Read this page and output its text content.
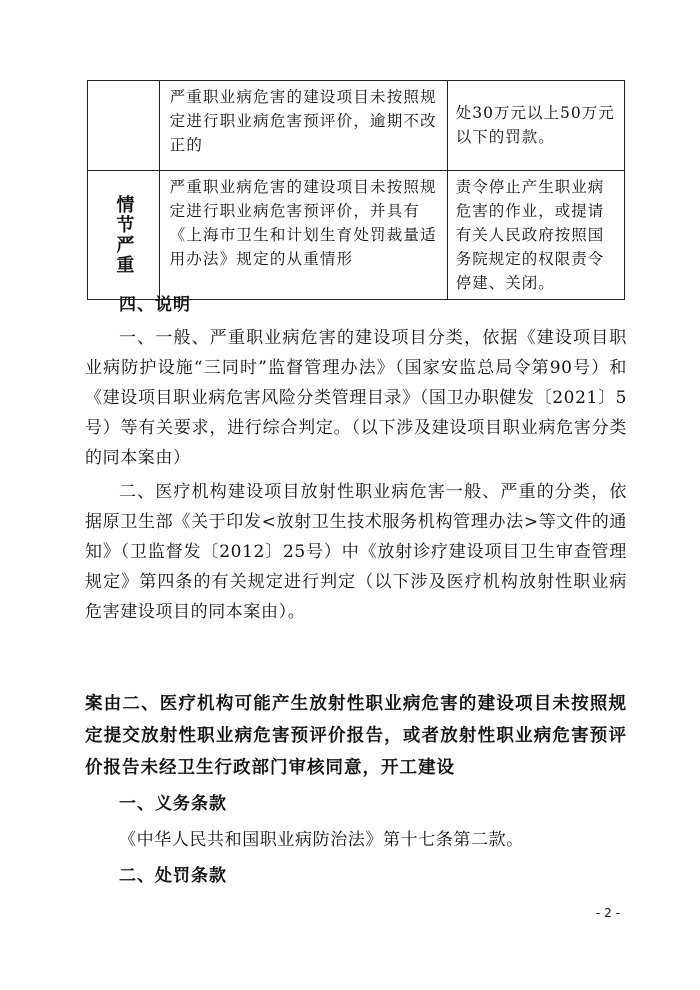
	严重职业病危害的建设项目未按照规定进行职业病危害预评价，逾期不改正的	处30万元以上50万元以下的罚款。

情节严重	严重职业病危害的建设项目未按照规定进行职业病危害预评价，并具有《上海市卫生和计划生育处罚裁量适用办法》规定的从重情形	责令停止产生职业病危害的作业，或提请有关人民政府按照国务院规定的权限责令停建、关闭。

四、说明

一、一般、严重职业病危害的建设项目分类，依据《建设项目职业病防护设施“三同时”监督管理办法》（国家安监总局令第90号）和《建设项目职业病危害风险分类管理目录》（国卫办职健发〔2021〕5号）等有关要求，进行综合判定。（以下涉及建设项目职业病危害分类的同本案由）

二、医疗机构建设项目放射性职业病危害一般、严重的分类，依据原卫生部《关于印发<放射卫生技术服务机构管理办法>等文件的通知》（卫监督发〔2012〕25号）中《放射诊疗建设项目卫生审查管理规定》第四条的有关规定进行判定（以下涉及医疗机构放射性职业病危害建设项目的同本案由）。

案由二、医疗机构可能产生放射性职业病危害的建设项目未按照规定提交放射性职业病危害预评价报告，或者放射性职业病危害预评价报告未经卫生行政部门审核同意，开工建设

一、义务条款

《中华人民共和国职业病防治法》第十七条第二款。

二、处罚条款

- 2 -
